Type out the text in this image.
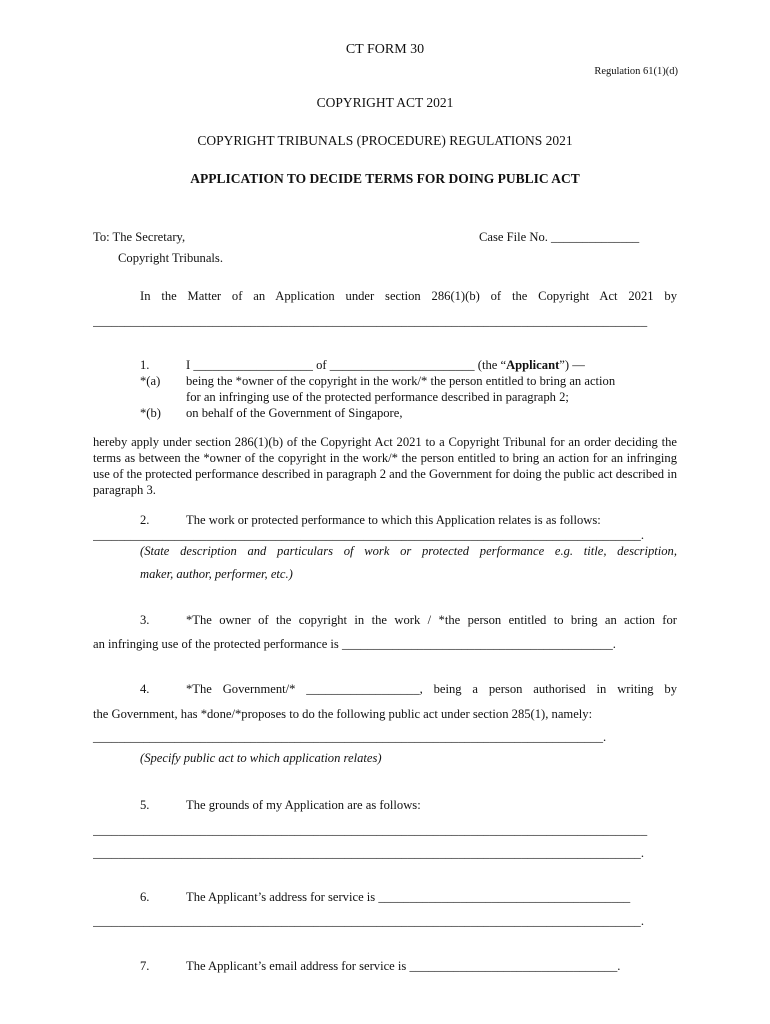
CT FORM 30
Regulation 61(1)(d)
COPYRIGHT ACT 2021
COPYRIGHT TRIBUNALS (PROCEDURE) REGULATIONS 2021
APPLICATION TO DECIDE TERMS FOR DOING PUBLIC ACT
To: The Secretary,	Case File No. ______________
Copyright Tribunals.
In the Matter of an Application under section 286(1)(b) of the Copyright Act 2021 by
________________________________________________________________________________________
1.	I ___________________ of _______________________ (the “Applicant”) —
*(a) being the *owner of the copyright in the work/* the person entitled to bring an action
for an infringing use of the protected performance described in paragraph 2;
*(b) on behalf of the Government of Singapore,
hereby apply under section 286(1)(b) of the Copyright Act 2021 to a Copyright Tribunal for an order deciding the terms as between the *owner of the copyright in the work/* the person entitled to bring an action for an infringing use of the protected performance described in paragraph 2 and the Government for doing the public act described in paragraph 3.
2.	The work or protected performance to which this Application relates is as follows:
_______________________________________________________________________________________.
(State description and particulars of work or protected performance e.g. title, description,
maker, author, performer, etc.)
3.	*The owner of the copyright in the work / *the person entitled to bring an action for
an infringing use of the protected performance is ___________________________________________.
4.	*The Government/* __________________, being a person authorised in writing by
the Government, has *done/*proposes to do the following public act under section 285(1), namely:
_________________________________________________________________________________.
(Specify public act to which application relates)
5.	The grounds of my Application are as follows:
________________________________________________________________________________________
_______________________________________________________________________________________.
6.	The Applicant’s address for service is ________________________________________
_______________________________________________________________________________________.
7.	The Applicant’s email address for service is _________________________________.
